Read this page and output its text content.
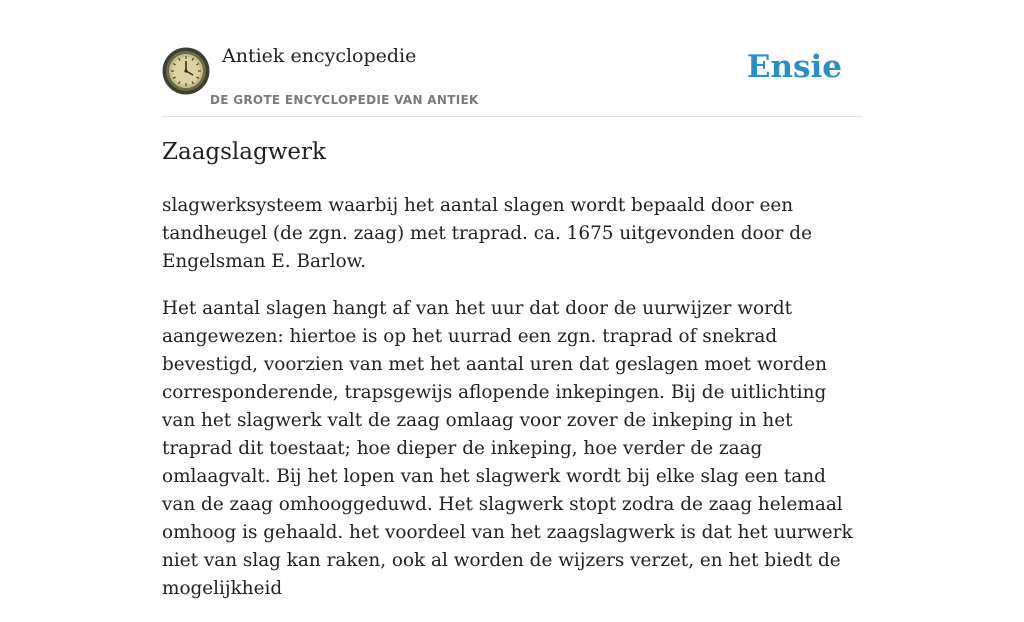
Antiek encyclopedie
DE GROTE ENCYCLOPEDIE VAN ANTIEK
Ensie
Zaagslagwerk

slagwerksysteem waarbij het aantal slagen wordt bepaald door een tandheugel (de zgn. zaag) met traprad. ca. 1675 uitgevonden door de Engelsman E. Barlow.

Het aantal slagen hangt af van het uur dat door de uurwijzer wordt aangewezen: hiertoe is op het uurrad een zgn. traprad of snekrad bevestigd, voorzien van met het aantal uren dat geslagen moet worden corresponderende, trapsgewijs aflopende inkepingen. Bij de uitlichting van het slagwerk valt de zaag omlaag voor zover de inkeping in het traprad dit toestaat; hoe dieper de inkeping, hoe verder de zaag omlaagvalt. Bij het lopen van het slagwerk wordt bij elke slag een tand van de zaag omhooggeduwd. Het slagwerk stopt zodra de zaag helemaal omhoog is gehaald. het voordeel van het zaagslagwerk is dat het uurwerk niet van slag kan raken, ook al worden de wijzers verzet, en het biedt de mogelijkheid
